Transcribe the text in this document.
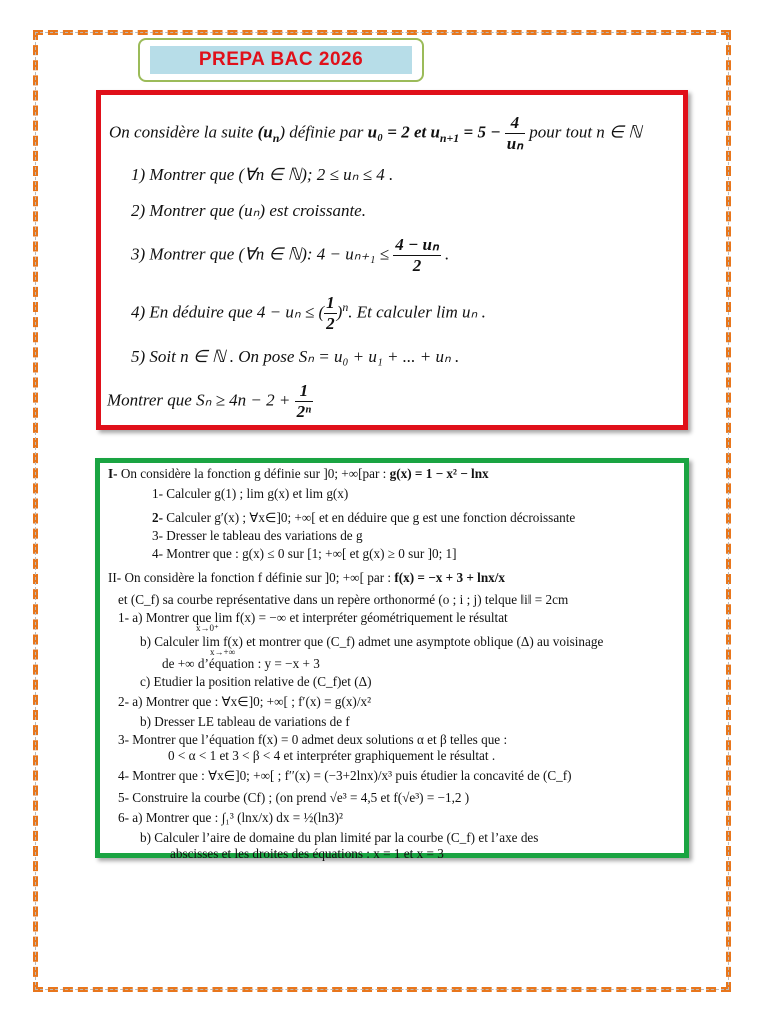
PREPA BAC 2026
On considère la suite $(u_n)$ définie par u₀ = 2 et $u_{n+1} = 5 - \frac{4}{\text{uₙ}}$ pour tout n ∈ ℕ
1) Montrer que (∀n ∈ ℕ); 2 ≤ uₙ ≤ 4 .
2) Montrer que (uₙ) est croissante.
3) Montrer que (∀n ∈ ℕ): $4 - u_{n+1} \le \frac{\text{4 − uₙ}}{2}$ .
4) En déduire que 4 − uₙ ≤ ( $\frac{1}{2} )^n$. Et calculer lim uₙ .
5) Soit n ∈ ℕ . On pose Sₙ = u₀ + u₁ + ... + uₙ .
Montrer que $S_n \ge 4n - 2 + \frac{1}{\text{2ⁿ}}$
I- On considère la fonction g définie sur ]0; +∞[par : g(x) = 1 − x² − lnx
1- Calculer g(1) ; lim g(x) et lim g(x)
2- Calculer g′(x) ; ∀x∈]0; +∞[ et en déduire que g est une fonction décroissante
3- Dresser le tableau des variations de g
4- Montrer que : g(x) ≤ 0 sur [1; +∞[ et g(x) ≥ 0 sur ]0; 1]
II- On considère la fonction f définie sur ]0; +∞[ par : f(x) = −x + 3 + lnx/x
et (C_f) sa courbe représentative dans un repère orthonormé (o ; i ; j) telque ‖i‖ = 2cm
1- a) Montrer que lim f(x) = −∞ et interpréter géométriquement le résultat
x→0⁺
b) Calculer lim f(x) et montrer que (C_f) admet une asymptote oblique (Δ) au voisinage
x→+∞
de +∞ d’équation : y = −x + 3
c) Etudier la position relative de (C_f)et (Δ)
2- a) Montrer que : ∀x∈]0; +∞[ ; f′(x) = g(x)/x²
b) Dresser LE tableau de variations de f
3- Montrer que l’équation f(x) = 0 admet deux solutions α et β telles que :
0 < α < 1 et 3 < β < 4 et interpréter graphiquement le résultat .
4- Montrer que : ∀x∈]0; +∞[ ; f′′(x) = (−3+2lnx)/x³ puis étudier la concavité de (C_f)
5- Construire la courbe (Cf) ; (on prend √e³ = 4,5 et f(√e³) = −1,2 )
6- a) Montrer que : ∫₁³ (lnx/x) dx = ½(ln3)²
b) Calculer l’aire de domaine du plan limité par la courbe (C_f) et l’axe des
abscisses et les droites des équations : x = 1 et x = 3
